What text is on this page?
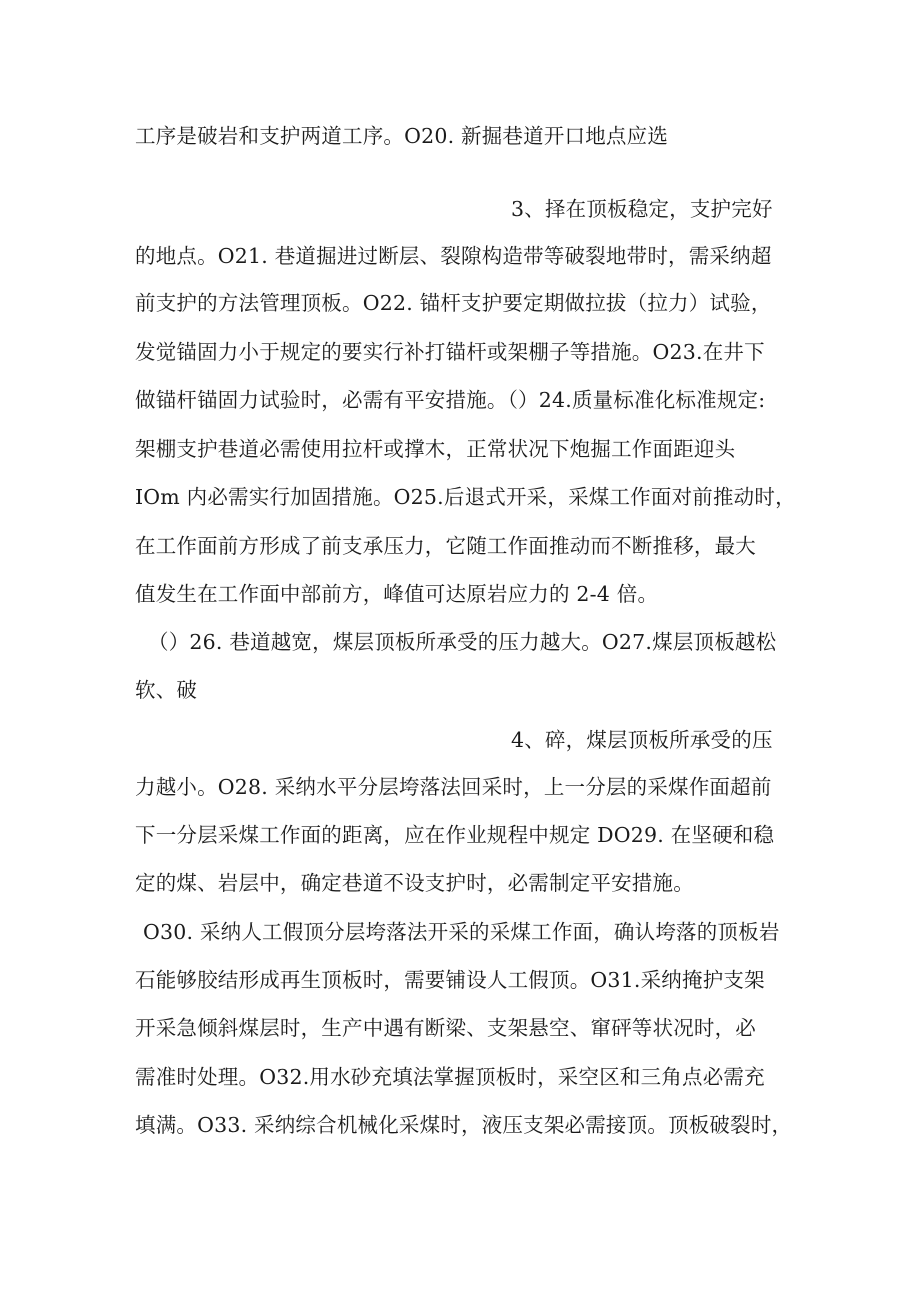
工序是破岩和支护两道工序。O20. 新掘巷道开口地点应选
3、择在顶板稳定，支护完好
的地点。O21. 巷道掘进过断层、裂隙构造带等破裂地带时，需采纳超
前支护的方法管理顶板。O22. 锚杆支护要定期做拉拔（拉力）试验，
发觉锚固力小于规定的要实行补打锚杆或架棚子等措施。O23.在井下
做锚杆锚固力试验时，必需有平安措施。（）24.质量标准化标准规定:
架棚支护巷道必需使用拉杆或撑木，正常状况下炮掘工作面距迎头
IOm 内必需实行加固措施。O25.后退式开采，采煤工作面对前推动时，
在工作面前方形成了前支承压力，它随工作面推动而不断推移，最大
值发生在工作面中部前方，峰值可达原岩应力的 2-4 倍。
（）26. 巷道越宽，煤层顶板所承受的压力越大。O27.煤层顶板越松
软、破
4、碎，煤层顶板所承受的压
力越小。O28. 采纳水平分层垮落法回采时，上一分层的采煤作面超前
下一分层采煤工作面的距离，应在作业规程中规定 DO29. 在坚硬和稳
定的煤、岩层中，确定巷道不设支护时，必需制定平安措施。
O30. 采纳人工假顶分层垮落法开采的采煤工作面，确认垮落的顶板岩
石能够胶结形成再生顶板时，需要铺设人工假顶。O31.采纳掩护支架
开采急倾斜煤层时，生产中遇有断梁、支架悬空、窜砰等状况时，必
需准时处理。O32.用水砂充填法掌握顶板时，采空区和三角点必需充
填满。O33. 采纳综合机械化采煤时，液压支架必需接顶。顶板破裂时，
